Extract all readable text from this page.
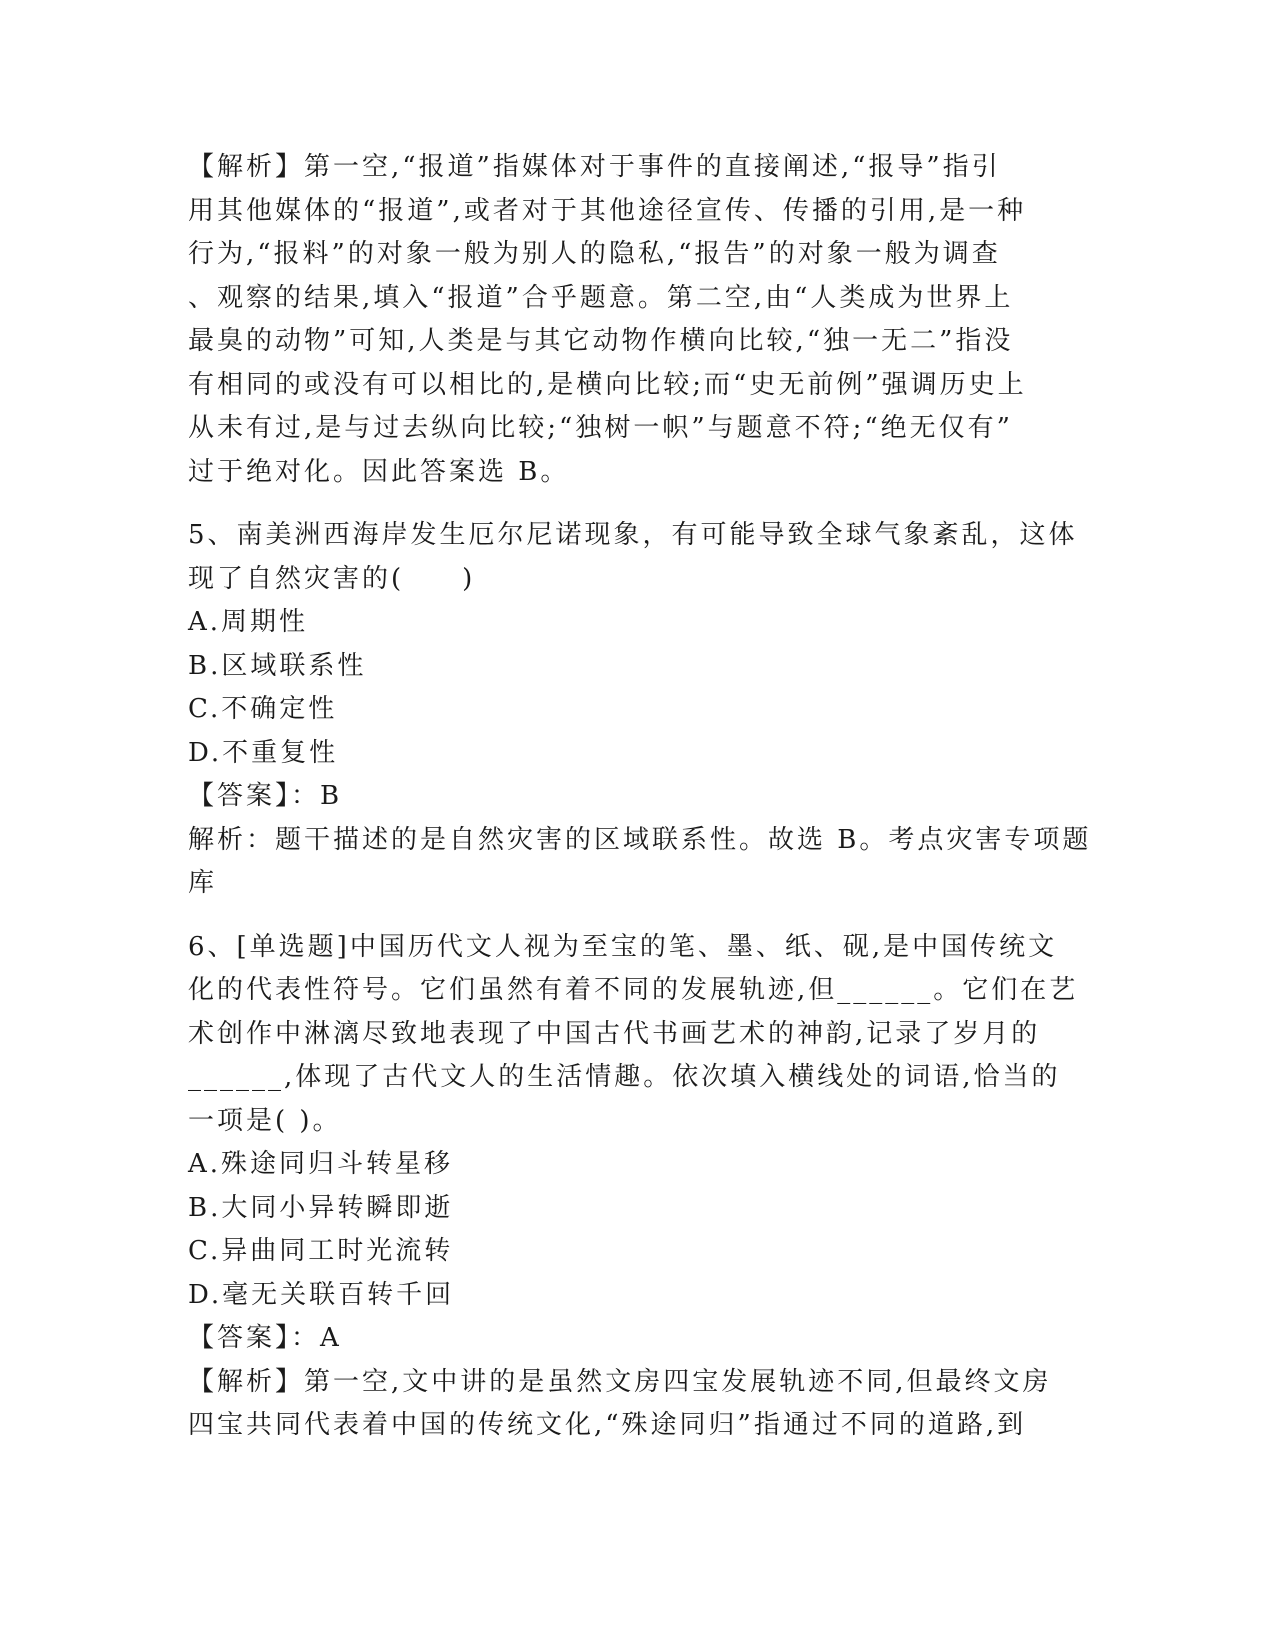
【解析】第一空,“报道”指媒体对于事件的直接阐述,“报导”指引
用其他媒体的“报道”,或者对于其他途径宣传、传播的引用,是一种
行为,“报料”的对象一般为别人的隐私,“报告”的对象一般为调查
、观察的结果,填入“报道”合乎题意。第二空,由“人类成为世界上
最臭的动物”可知,人类是与其它动物作横向比较,“独一无二”指没
有相同的或没有可以相比的,是横向比较;而“史无前例”强调历史上
从未有过,是与过去纵向比较;“独树一帜”与题意不符;“绝无仅有”
过于绝对化。因此答案选 B。
5、南美洲西海岸发生厄尔尼诺现象，有可能导致全球气象紊乱，这体
现了自然灾害的(　　)
A.周期性
B.区域联系性
C.不确定性
D.不重复性
【答案】：B
解析：题干描述的是自然灾害的区域联系性。故选 B。考点灾害专项题
库
6、[单选题]中国历代文人视为至宝的笔、墨、纸、砚,是中国传统文
化的代表性符号。它们虽然有着不同的发展轨迹,但______。它们在艺
术创作中淋漓尽致地表现了中国古代书画艺术的神韵,记录了岁月的
______,体现了古代文人的生活情趣。依次填入横线处的词语,恰当的
一项是( )。
A.殊途同归斗转星移
B.大同小异转瞬即逝
C.异曲同工时光流转
D.毫无关联百转千回
【答案】：A
【解析】第一空,文中讲的是虽然文房四宝发展轨迹不同,但最终文房
四宝共同代表着中国的传统文化,“殊途同归”指通过不同的道路,到
